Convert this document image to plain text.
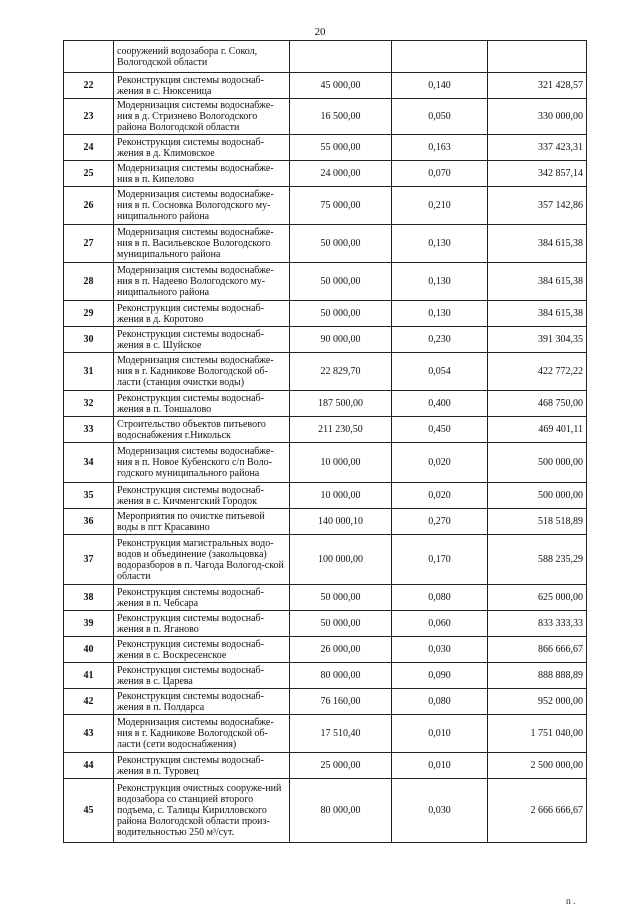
20
	сооружений водозабора г. Сокол, Вологодской области			
22	Реконструкция системы водоснаб-жения в с. Нюксеница	45 000,00	0,140	321 428,57
23	Модернизация системы водоснабже-ния в д. Стризнево Вологодского района Вологодской области	16 500,00	0,050	330 000,00
24	Реконструкция системы водоснаб-жения в д. Климовское	55 000,00	0,163	337 423,31
25	Модернизация системы водоснабже-ния в п. Кипелово	24 000,00	0,070	342 857,14
26	Модернизация системы водоснабже-ния в п. Сосновка Вологодского му-ниципального района	75 000,00	0,210	357 142,86
27	Модернизация системы водоснабже-ния в п. Васильевское Вологодского муниципального района	50 000,00	0,130	384 615,38
28	Модернизация системы водоснабже-ния в п. Надеево Вологодского му-ниципального района	50 000,00	0,130	384 615,38
29	Реконструкция системы водоснаб-жения в д. Коротово	50 000,00	0,130	384 615,38
30	Реконструкция системы водоснаб-жения в с. Шуйское	90 000,00	0,230	391 304,35
31	Модернизация системы водоснабже-ния в г. Кадникове Вологодской об-ласти (станция очистки воды)	22 829,70	0,054	422 772,22
32	Реконструкция системы водоснаб-жения в п. Тоншалово	187 500,00	0,400	468 750,00
33	Строительство объектов питьевого водоснабжения г.Никольск	211 230,50	0,450	469 401,11
34	Модернизация системы водоснабже-ния в п. Новое Кубенского с/п Воло-годского муниципального района	10 000,00	0,020	500 000,00
35	Реконструкция системы водоснаб-жения в с. Кичменгский Городок	10 000,00	0,020	500 000,00
36	Мероприятия по очистке питьевой воды в пгт Красавино	140 000,10	0,270	518 518,89
37	Реконструкция магистральных водо-водов и объединение (закольцовка) водоразборов в п. Чагода Вологод-ской области	100 000,00	0,170	588 235,29
38	Реконструкция системы водоснаб-жения в п. Чебсара	50 000,00	0,080	625 000,00
39	Реконструкция системы водоснаб-жения в п. Яганово	50 000,00	0,060	833 333,33
40	Реконструкция системы водоснаб-жения в с. Воскресенское	26 000,00	0,030	866 666,67
41	Реконструкция системы водоснаб-жения в с. Царева	80 000,00	0,090	888 888,89
42	Реконструкция системы водоснаб-жения в п. Полдарса	76 160,00	0,080	952 000,00
43	Модернизация системы водоснабже-ния в г. Кадникове Вологодской об-ласти (сети водоснабжения)	17 510,40	0,010	1 751 040,00
44	Реконструкция системы водоснаб-жения в п. Туровец	25 000,00	0,010	2 500 000,00
45	Реконструкция очистных сооруже-ний водозабора со станцией второго подъема, с. Талицы Кирилловского района Вологодской области произ-водительностью 250 м³/сут.	80 000,00	0,030	2 666 666,67
п .
